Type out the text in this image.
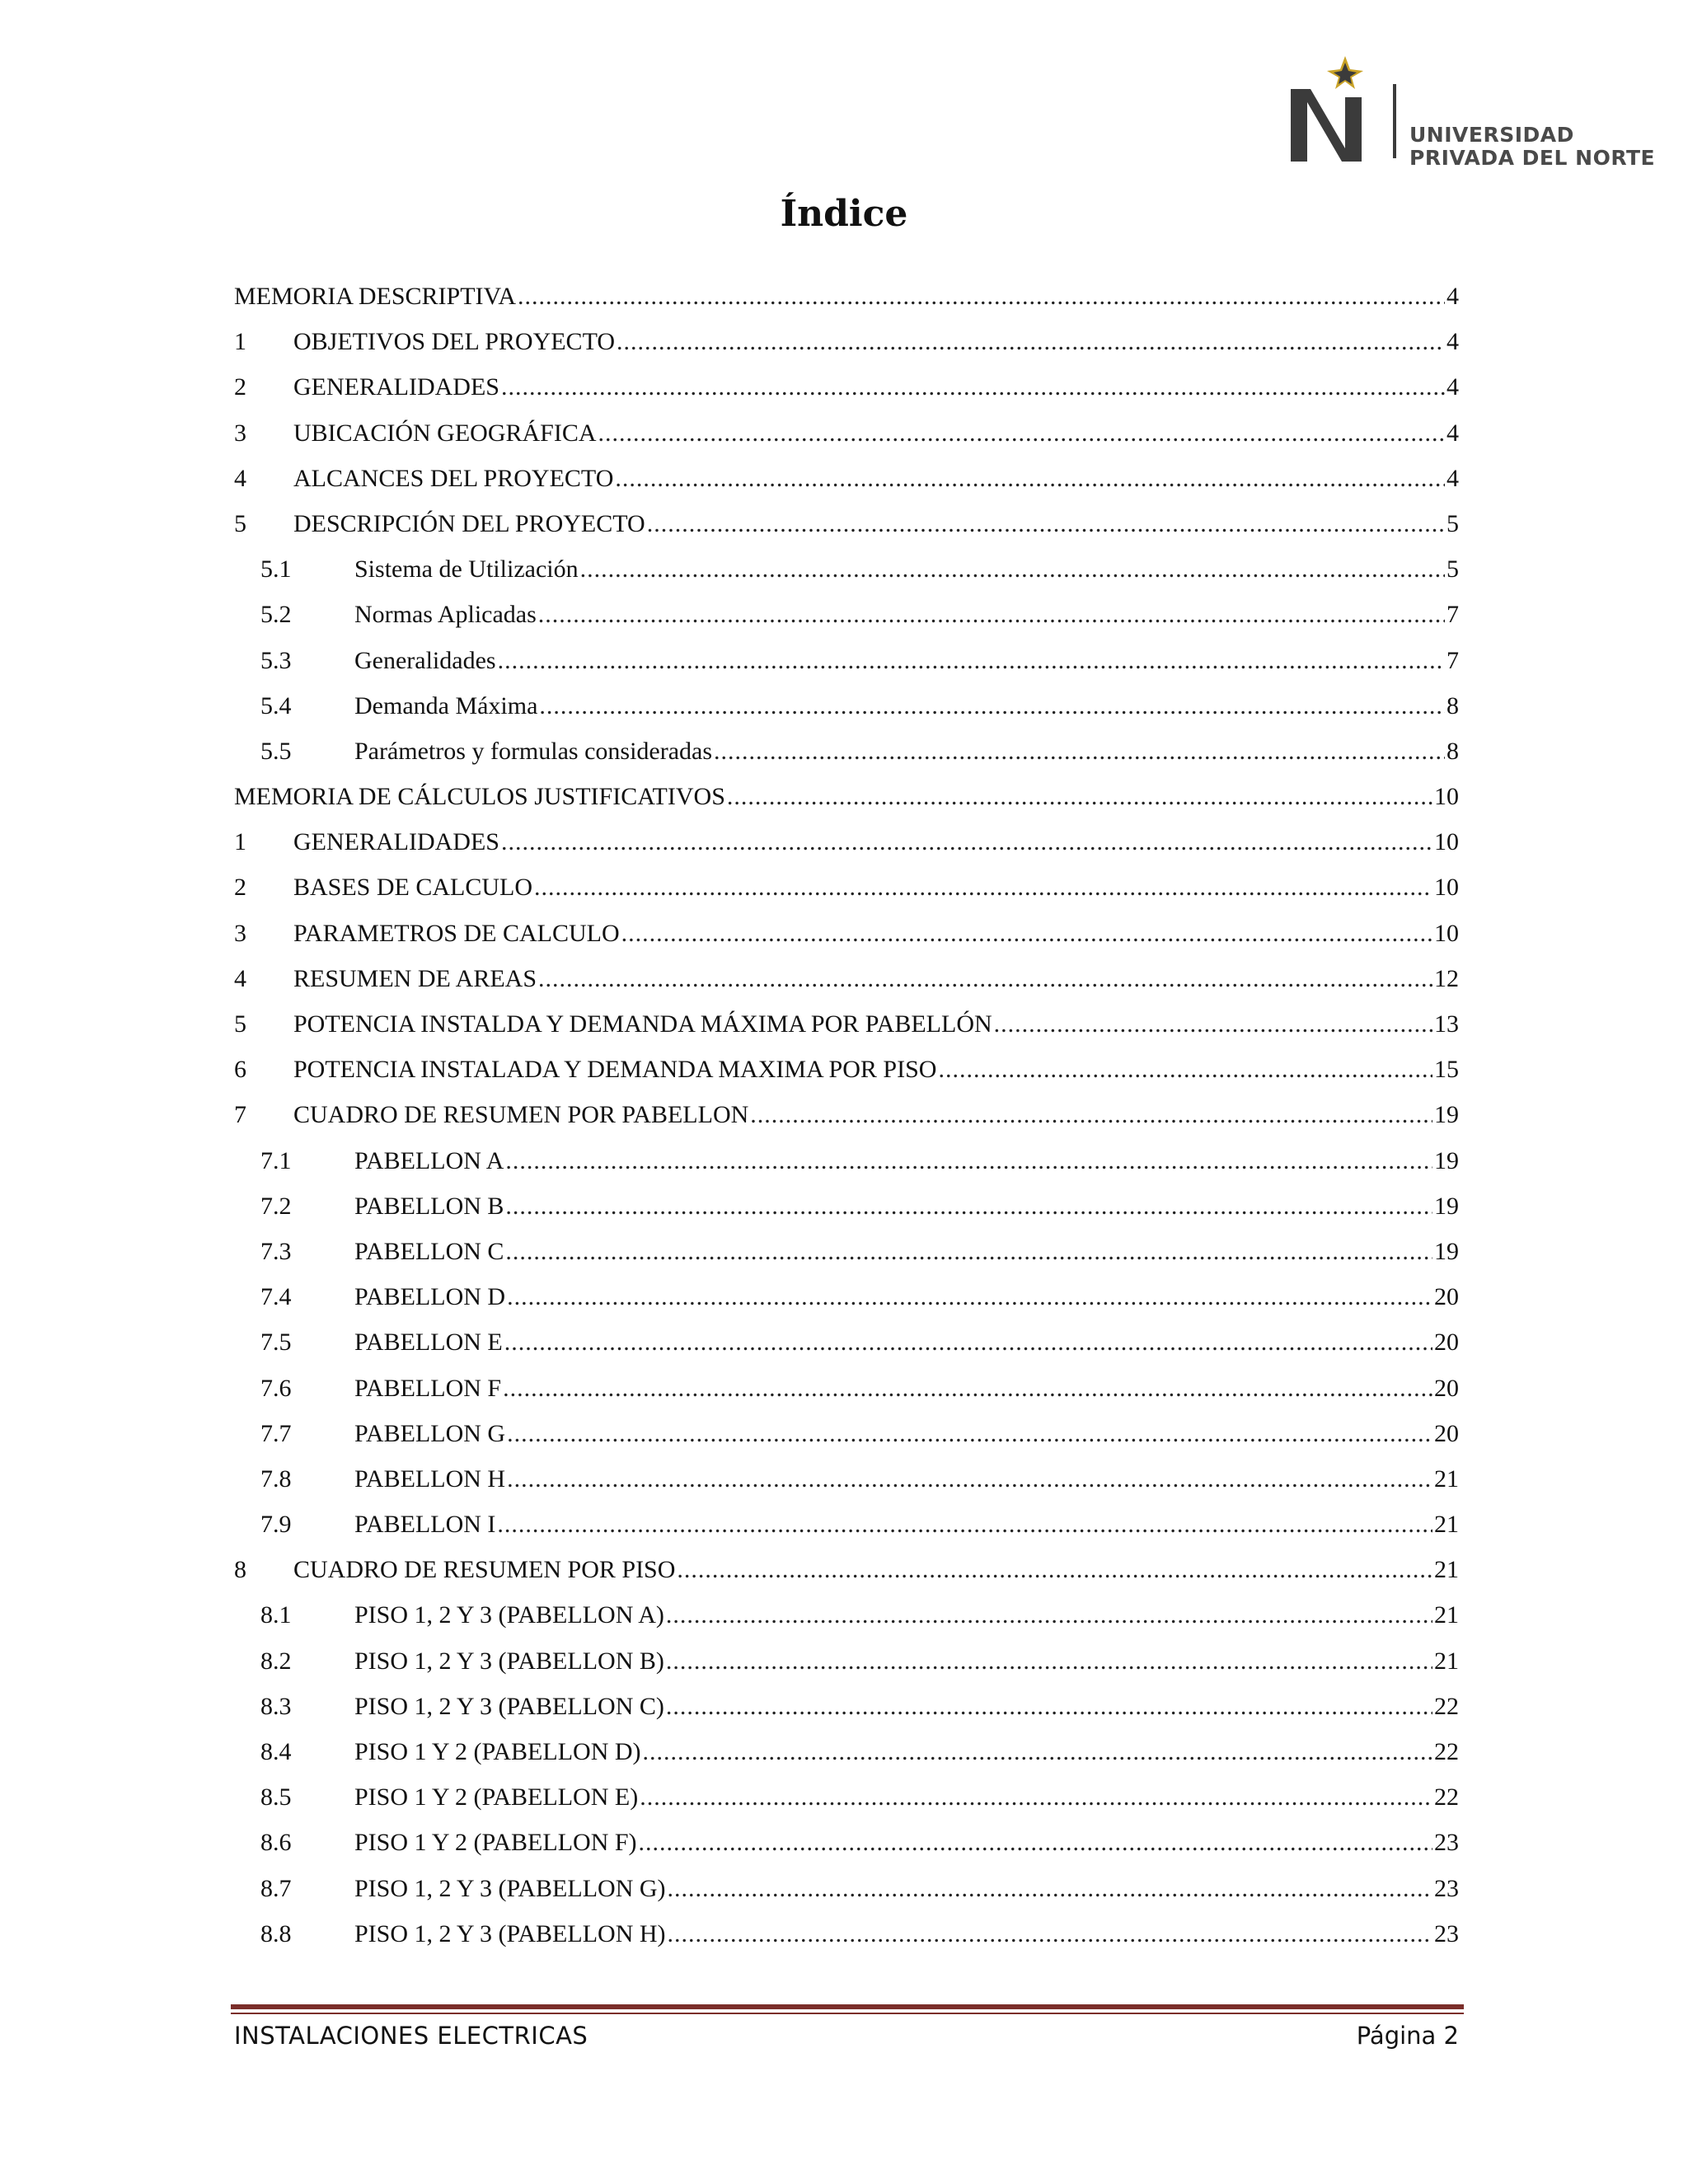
UNIVERSIDAD
PRIVADA DEL NORTE
Índice
MEMORIA DESCRIPTIVA .....	4
1	OBJETIVOS DEL PROYECTO .....	4
2	GENERALIDADES .....	4
3	UBICACIÓN GEOGRÁFICA .....	4
4	ALCANCES DEL PROYECTO .....	4
5	DESCRIPCIÓN DEL PROYECTO .....	5
5.1	Sistema de Utilización .....	5
5.2	Normas Aplicadas .....	7
5.3	Generalidades .....	7
5.4	Demanda Máxima .....	8
5.5	Parámetros y formulas consideradas .....	8
MEMORIA DE CÁLCULOS JUSTIFICATIVOS .....	10
1	GENERALIDADES .....	10
2	BASES DE CALCULO .....	10
3	PARAMETROS DE CALCULO .....	10
4	RESUMEN DE AREAS .....	12
5	POTENCIA INSTALDA Y DEMANDA MÁXIMA POR PABELLÓN .....	13
6	POTENCIA INSTALADA Y DEMANDA MAXIMA POR PISO .....	15
7	CUADRO DE RESUMEN POR PABELLON .....	19
7.1	PABELLON A .....	19
7.2	PABELLON B .....	19
7.3	PABELLON C .....	19
7.4	PABELLON D .....	20
7.5	PABELLON E .....	20
7.6	PABELLON F .....	20
7.7	PABELLON G .....	20
7.8	PABELLON H .....	21
7.9	PABELLON I .....	21
8	CUADRO DE RESUMEN POR PISO .....	21
8.1	PISO 1, 2 Y 3 (PABELLON A) .....	21
8.2	PISO 1, 2 Y 3 (PABELLON B) .....	21
8.3	PISO 1, 2 Y 3 (PABELLON C) .....	22
8.4	PISO 1 Y 2 (PABELLON D) .....	22
8.5	PISO 1 Y 2 (PABELLON E) .....	22
8.6	PISO 1 Y 2 (PABELLON F) .....	23
8.7	PISO 1, 2 Y 3 (PABELLON G) .....	23
8.8	PISO 1, 2 Y 3 (PABELLON H) .....	23
INSTALACIONES ELECTRICAS	Página 2
